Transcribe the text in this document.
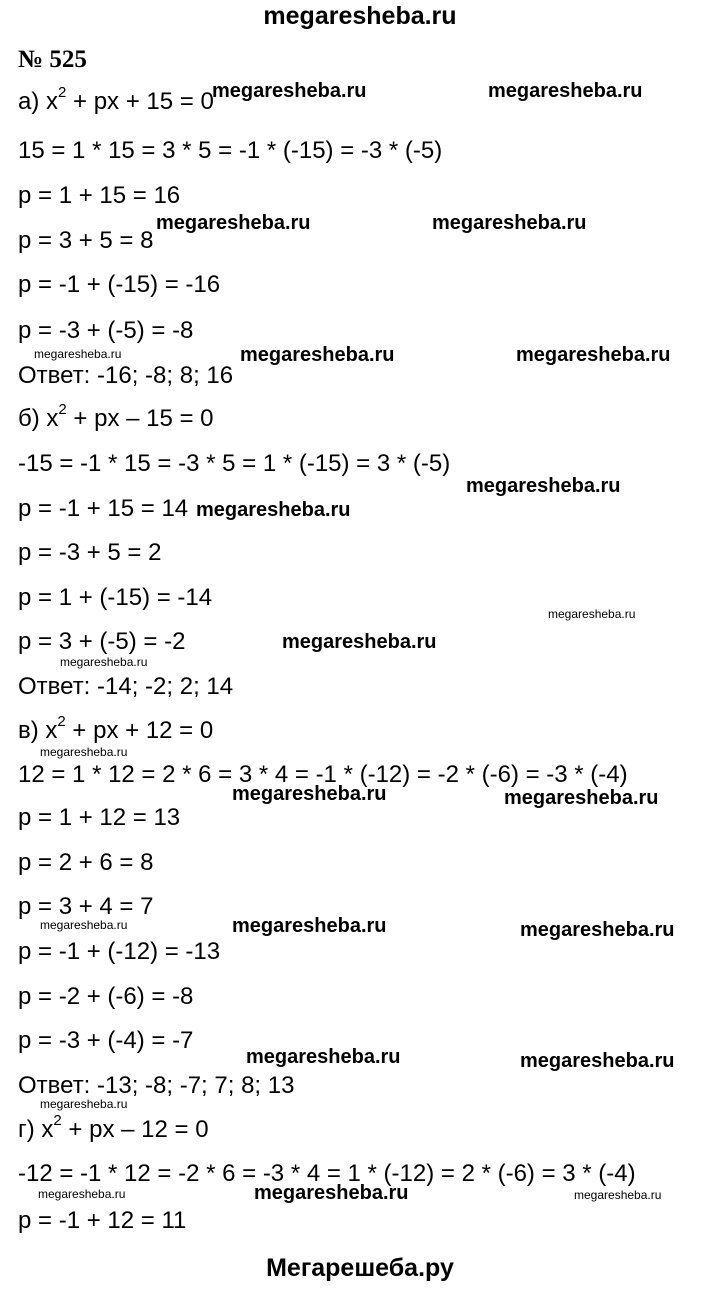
megaresheba.ru
№ 525
а) $x^2$ + px + 15 = 0
15 = 1 * 15 = 3 * 5 = -1 * (-15) = -3 * (-5)
p = 1 + 15 = 16
p = 3 + 5 = 8
p = -1 + (-15) = -16
p = -3 + (-5) = -8
Ответ: -16; -8; 8; 16
б) $x^2$ + px – 15 = 0
-15 = -1 * 15 = -3 * 5 = 1 * (-15) = 3 * (-5)
p = -1 + 15 = 14
p = -3 + 5 = 2
p = 1 + (-15) = -14
p = 3 + (-5) = -2
Ответ: -14; -2; 2; 14
в) $x^2$ + px + 12 = 0
12 = 1 * 12 = 2 * 6 = 3 * 4 = -1 * (-12) = -2 * (-6) = -3 * (-4)
p = 1 + 12 = 13
p = 2 + 6 = 8
p = 3 + 4 = 7
p = -1 + (-12) = -13
p = -2 + (-6) = -8
p = -3 + (-4) = -7
Ответ: -13; -8; -7; 7; 8; 13
г) $x^2$ + px – 12 = 0
-12 = -1 * 12 = -2 * 6 = -3 * 4 = 1 * (-12) = 2 * (-6) = 3 * (-4)
p = -1 + 12 = 11
megaresheba.ru	megaresheba.ru
megaresheba.ru	megaresheba.ru
megaresheba.ru	megaresheba.ru	megaresheba.ru
megaresheba.ru
megaresheba.ru
megaresheba.ru
megaresheba.ru
megaresheba.ru
megaresheba.ru
megaresheba.ru	megaresheba.ru
megaresheba.ru	megaresheba.ru	megaresheba.ru
megaresheba.ru	megaresheba.ru
megaresheba.ru
megaresheba.ru	megaresheba.ru	megaresheba.ru
Мегарешеба.ру
